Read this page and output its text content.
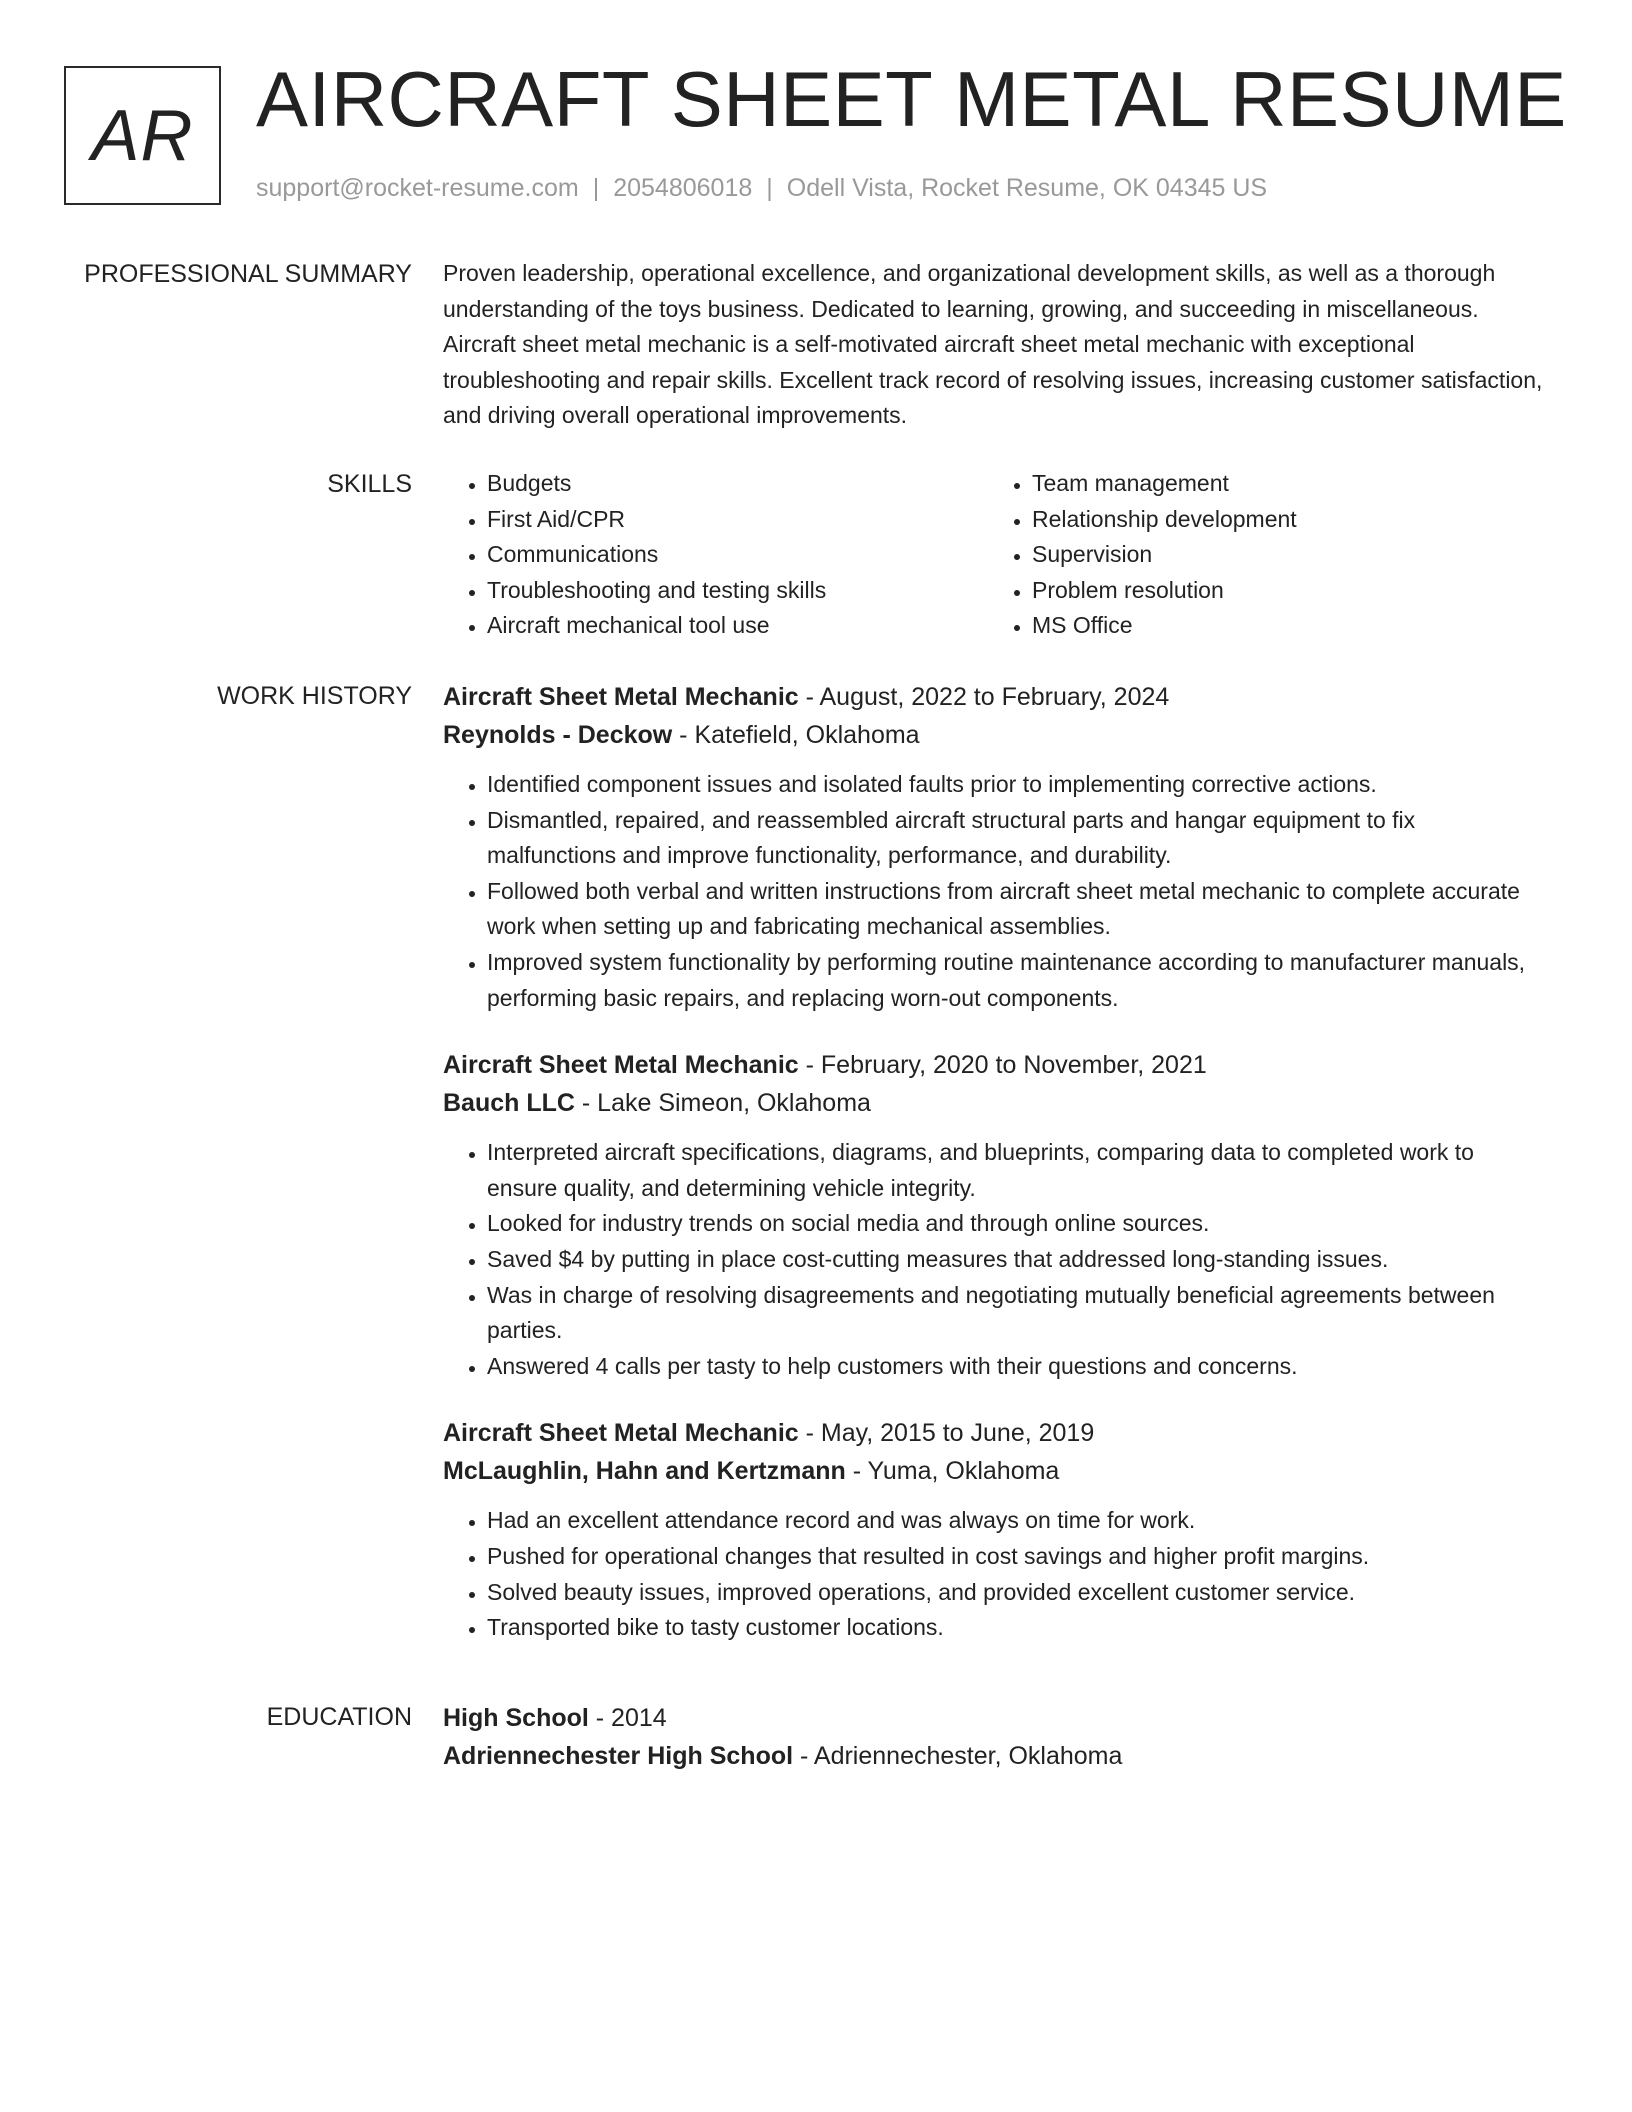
AR AIRCRAFT SHEET METAL RESUME
support@rocket-resume.com | 2054806018 | Odell Vista, Rocket Resume, OK 04345 US
PROFESSIONAL SUMMARY Proven leadership, operational excellence, and organizational development skills, as well as a thorough understanding of the toys business. Dedicated to learning, growing, and succeeding in miscellaneous. Aircraft sheet metal mechanic is a self-motivated aircraft sheet metal mechanic with exceptional troubleshooting and repair skills. Excellent track record of resolving issues, increasing customer satisfaction, and driving overall operational improvements.

SKILLS
•	Budgets
• First Aid/CPR
• Communications
• Troubleshooting and testing skills
• Aircraft mechanical tool use
• Team management
• Relationship development
• Supervision
• Problem resolution
• MS Office
WORK HISTORY Aircraft Sheet Metal Mechanic - August, 2022 to February, 2024
Reynolds - Deckow - Katefield, Oklahoma
• Identified component issues and isolated faults prior to implementing corrective actions.
• Dismantled, repaired, and reassembled aircraft structural parts and hangar equipment to fix malfunctions and improve functionality, performance, and durability.
• Followed both verbal and written instructions from aircraft sheet metal mechanic to complete accurate work when setting up and fabricating mechanical assemblies.
• Improved system functionality by performing routine maintenance according to manufacturer manuals, performing basic repairs, and replacing worn-out components.
Aircraft Sheet Metal Mechanic - February, 2020 to November, 2021
Bauch LLC - Lake Simeon, Oklahoma
• Interpreted aircraft specifications, diagrams, and blueprints, comparing data to completed work to ensure quality, and determining vehicle integrity.
• Looked for industry trends on social media and through online sources.
• Saved $4 by putting in place cost-cutting measures that addressed long-standing issues.
• Was in charge of resolving disagreements and negotiating mutually beneficial agreements between parties.
• Answered 4 calls per tasty to help customers with their questions and concerns.
Aircraft Sheet Metal Mechanic - May, 2015 to June, 2019
McLaughlin, Hahn and Kertzmann - Yuma, Oklahoma
• Had an excellent attendance record and was always on time for work.
• Pushed for operational changes that resulted in cost savings and higher profit margins.
• Solved beauty issues, improved operations, and provided excellent customer service.
• Transported bike to tasty customer locations.
EDUCATION High School - 2014
Adriennechester High School - Adriennechester, Oklahoma
